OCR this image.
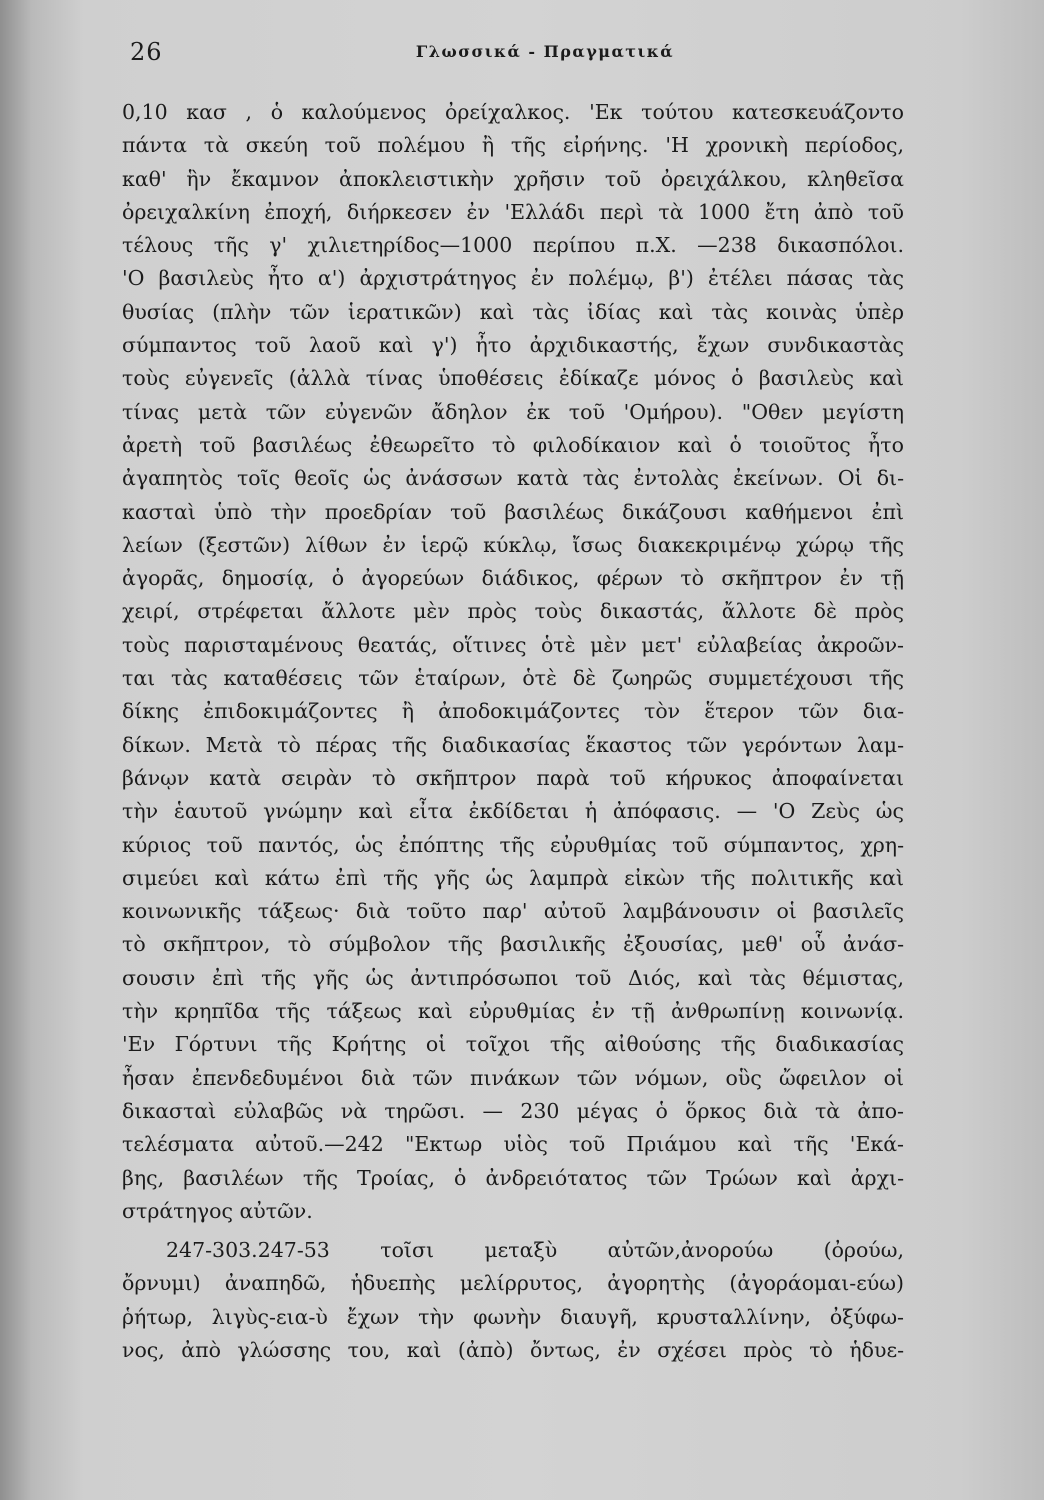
26	Γλωσσικά - Πραγματικά
0,10 κασ , ὁ καλούμενος ὀρείχαλκος. 'Εκ τούτου κατεσκευάζοντο
πάντα τὰ σκεύη τοῦ πολέμου ἢ τῆς εἰρήνης. 'Η χρονικὴ περίοδος,
καθ' ἣν ἔκαμνον ἀποκλειστικὴν χρῆσιν τοῦ ὀρειχάλκου, κληθεῖσα
ὀρειχαλκίνη ἐποχή, διήρκεσεν ἐν 'Ελλάδι περὶ τὰ 1000 ἔτη ἀπὸ τοῦ
τέλους τῆς γ' χιλιετηρίδος—1000 περίπου π.Χ. —238 δικασπόλοι.
'Ο βασιλεὺς ἦτο α') ἀρχιστράτηγος ἐν πολέμῳ, β') ἐτέλει πάσας τὰς
θυσίας (πλὴν τῶν ἱερατικῶν) καὶ τὰς ἰδίας καὶ τὰς κοινὰς ὑπὲρ
σύμπαντος τοῦ λαοῦ καὶ γ') ἦτο ἀρχιδικαστής, ἔχων συνδικαστὰς
τοὺς εὐγενεῖς (ἀλλὰ τίνας ὑποθέσεις ἐδίκαζε μόνος ὁ βασιλεὺς καὶ
τίνας μετὰ τῶν εὐγενῶν ἄδηλον ἐκ τοῦ 'Ομήρου). "Οθεν μεγίστη
ἀρετὴ τοῦ βασιλέως ἐθεωρεῖτο τὸ φιλοδίκαιον καὶ ὁ τοιοῦτος ἦτο
ἀγαπητὸς τοῖς θεοῖς ὡς ἀνάσσων κατὰ τὰς ἐντολὰς ἐκείνων. Οἱ δι-
κασταὶ ὑπὸ τὴν προεδρίαν τοῦ βασιλέως δικάζουσι καθήμενοι ἐπὶ
λείων (ξεστῶν) λίθων ἐν ἱερῷ κύκλῳ, ἴσως διακεκριμένῳ χώρῳ τῆς
ἀγορᾶς, δημοσίᾳ, ὁ ἀγορεύων διάδικος, φέρων τὸ σκῆπτρον ἐν τῇ
χειρί, στρέφεται ἄλλοτε μὲν πρὸς τοὺς δικαστάς, ἄλλοτε δὲ πρὸς
τοὺς παρισταμένους θεατάς, οἵτινες ὁτὲ μὲν μετ' εὐλαβείας ἀκροῶν-
ται τὰς καταθέσεις τῶν ἑταίρων, ὁτὲ δὲ ζωηρῶς συμμετέχουσι τῆς
δίκης ἐπιδοκιμάζοντες ἢ ἀποδοκιμάζοντες τὸν ἕτερον τῶν δια-
δίκων. Μετὰ τὸ πέρας τῆς διαδικασίας ἕκαστος τῶν γερόντων λαμ-
βάνῳν κατὰ σειρὰν τὸ σκῆπτρον παρὰ τοῦ κήρυκος ἀποφαίνεται
τὴν ἑαυτοῦ γνώμην καὶ εἶτα ἐκδίδεται ἡ ἀπόφασις. — 'Ο Ζεὺς ὡς
κύριος τοῦ παντός, ὡς ἐπόπτης τῆς εὐρυθμίας τοῦ σύμπαντος, χρη-
σιμεύει καὶ κάτω ἐπὶ τῆς γῆς ὡς λαμπρὰ εἰκὼν τῆς πολιτικῆς καὶ
κοινωνικῆς τάξεως· διὰ τοῦτο παρ' αὐτοῦ λαμβάνουσιν οἱ βασιλεῖς
τὸ σκῆπτρον, τὸ σύμβολον τῆς βασιλικῆς ἐξουσίας, μεθ' οὗ ἀνάσ-
σουσιν ἐπὶ τῆς γῆς ὡς ἀντιπρόσωποι τοῦ Διός, καὶ τὰς θέμιστας,
τὴν κρηπῖδα τῆς τάξεως καὶ εὐρυθμίας ἐν τῇ ἀνθρωπίνῃ κοινωνίᾳ.
'Εν Γόρτυνι τῆς Κρήτης οἱ τοῖχοι τῆς αἰθούσης τῆς διαδικασίας
ἦσαν ἐπενδεδυμένοι διὰ τῶν πινάκων τῶν νόμων, οὓς ὤφειλον οἱ
δικασταὶ εὐλαβῶς νὰ τηρῶσι. — 230 μέγας ὁ ὅρκος διὰ τὰ ἀπο-
τελέσματα αὐτοῦ.—242 "Εκτωρ υἱὸς τοῦ Πριάμου καὶ τῆς 'Εκά-
βης, βασιλέων τῆς Τροίας, ὁ ἀνδρειότατος τῶν Τρώων καὶ ἀρχι-
στράτηγος αὐτῶν.
247-303.247-53 τοῖσι μεταξὺ αὐτῶν,ἀνορούω (ὀρούω,
ὄρνυμι) ἀναπηδῶ, ἡδυεπὴς μελίρρυτος, ἀγορητὴς (ἀγοράομαι-εύω)
ῥήτωρ, λιγὺς-εια-ὺ ἔχων τὴν φωνὴν διαυγῆ, κρυσταλλίνην, ὀξύφω-
νος, ἀπὸ γλώσσης του, καὶ (ἀπὸ) ὄντως, ἐν σχέσει πρὸς τὸ ἡδυε-
